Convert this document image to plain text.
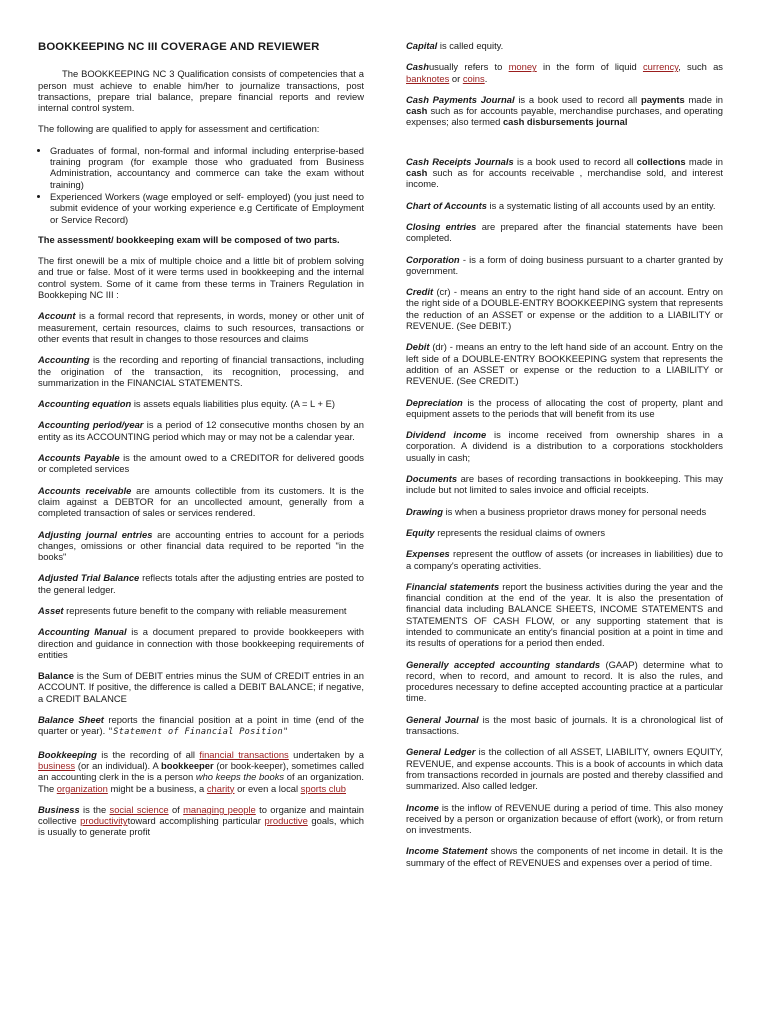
BOOKKEEPING NC III COVERAGE AND REVIEWER

The BOOKKEEPING NC 3 Qualification consists of competencies that a person must achieve to enable him/her to journalize transactions, post transactions, prepare trial balance, prepare financial reports and review internal control system.

The following are qualified to apply for assessment and certification:

• Graduates of formal, non-formal and informal including enterprise-based training program (for example those who graduated from Business Administration, accountancy and commerce can take the exam without training)
• Experienced Workers (wage employed or self- employed) (you just need to submit evidence of your working experience e.g Certificate of Employment or Service Record)

The assessment/ bookkeeping exam will be composed of two parts.

The first onewill be a mix of multiple choice and a little bit of problem solving and true or false. Most of it were terms used in bookkeeping and the internal control system. Some of it came from these terms in Trainers Regulation in Bookkeping NC III :

Account is a formal record that represents, in words, money or other unit of measurement, certain resources, claims to such resources, transactions or other events that result in changes to those resources and claims

Accounting is the recording and reporting of financial transactions, including the origination of the transaction, its recognition, processing, and summarization in the FINANCIAL STATEMENTS.

Accounting equation is assets equals liabilities plus equity. (A = L + E)

Accounting period/year is a period of 12 consecutive months chosen by an entity as its ACCOUNTING period which may or may not be a calendar year.

Accounts Payable is the amount owed to a CREDITOR for delivered goods or completed services

Accounts receivable are amounts collectible from its customers. It is the claim against a DEBTOR for an uncollected amount, generally from a completed transaction of sales or services rendered.

Adjusting journal entries are accounting entries to account for a periods changes, omissions or other financial data required to be reported "in the books"

Adjusted Trial Balance reflects totals after the adjusting entries are posted to the general ledger.

Asset represents future benefit to the company with reliable measurement

Accounting Manual is a document prepared to provide bookkeepers with direction and guidance in connection with those bookkeeping requirements of entities

Balance is the Sum of DEBIT entries minus the SUM of CREDIT entries in an ACCOUNT. If positive, the difference is called a DEBIT BALANCE; if negative, a CREDIT BALANCE

Balance Sheet reports the financial position at a point in time (end of the quarter or year). "Statement of Financial Position"

Bookkeeping is the recording of all financial transactions undertaken by a business (or an individual). A bookkeeper (or book-keeper), sometimes called an accounting clerk in the is a person who keeps the books of an organization. The organization might be a business, a charity or even a local sports club

Business is the social science of managing people to organize and maintain collective productivitytoward accomplishing particular productive goals, which is usually to generate profit

Capital is called equity.

Cashusually refers to money in the form of liquid currency, such as banknotes or coins.

Cash Payments Journal is a book used to record all payments made in cash such as for accounts payable, merchandise purchases, and operating expenses; also termed cash disbursements journal

Cash Receipts Journals is a book used to record all collections made in cash such as for accounts receivable , merchandise sold, and interest income.

Chart of Accounts is a systematic listing of all accounts used by an entity.

Closing entries are prepared after the financial statements have been completed.

Corporation - is a form of doing business pursuant to a charter granted by government.

Credit (cr) - means an entry to the right hand side of an account. Entry on the right side of a DOUBLE-ENTRY BOOKKEEPING system that represents the reduction of an ASSET or expense or the addition to a LIABILITY or REVENUE. (See DEBIT.)

Debit (dr) - means an entry to the left hand side of an account. Entry on the left side of a DOUBLE-ENTRY BOOKKEEPING system that represents the addition of an ASSET or expense or the reduction to a LIABILITY or REVENUE. (See CREDIT.)

Depreciation is the process of allocating the cost of property, plant and equipment assets to the periods that will benefit from its use

Dividend income is income received from ownership shares in a corporation. A dividend is a distribution to a corporations stockholders usually in cash;

Documents are bases of recording transactions in bookkeeping. This may include but not limited to sales invoice and official receipts.

Drawing is when a business proprietor draws money for personal needs

Equity represents the residual claims of owners

Expenses represent the outflow of assets (or increases in liabilities) due to a company's operating activities.

Financial statements report the business activities during the year and the financial condition at the end of the year. It is also the presentation of financial data including BALANCE SHEETS, INCOME STATEMENTS and STATEMENTS OF CASH FLOW, or any supporting statement that is intended to communicate an entity's financial position at a point in time and its results of operations for a period then ended.

Generally accepted accounting standards (GAAP) determine what to record, when to record, and amount to record. It is also the rules, and procedures necessary to define accepted accounting practice at a particular time.

General Journal is the most basic of journals. It is a chronological list of transactions.

General Ledger is the collection of all ASSET, LIABILITY, owners EQUITY, REVENUE, and expense accounts. This is a book of accounts in which data from transactions recorded in journals are posted and thereby classified and summarized. Also called ledger.

Income is the inflow of REVENUE during a period of time. This also money received by a person or organization because of effort (work), or from return on investments.

Income Statement shows the components of net income in detail. It is the summary of the effect of REVENUES and expenses over a period of time.
